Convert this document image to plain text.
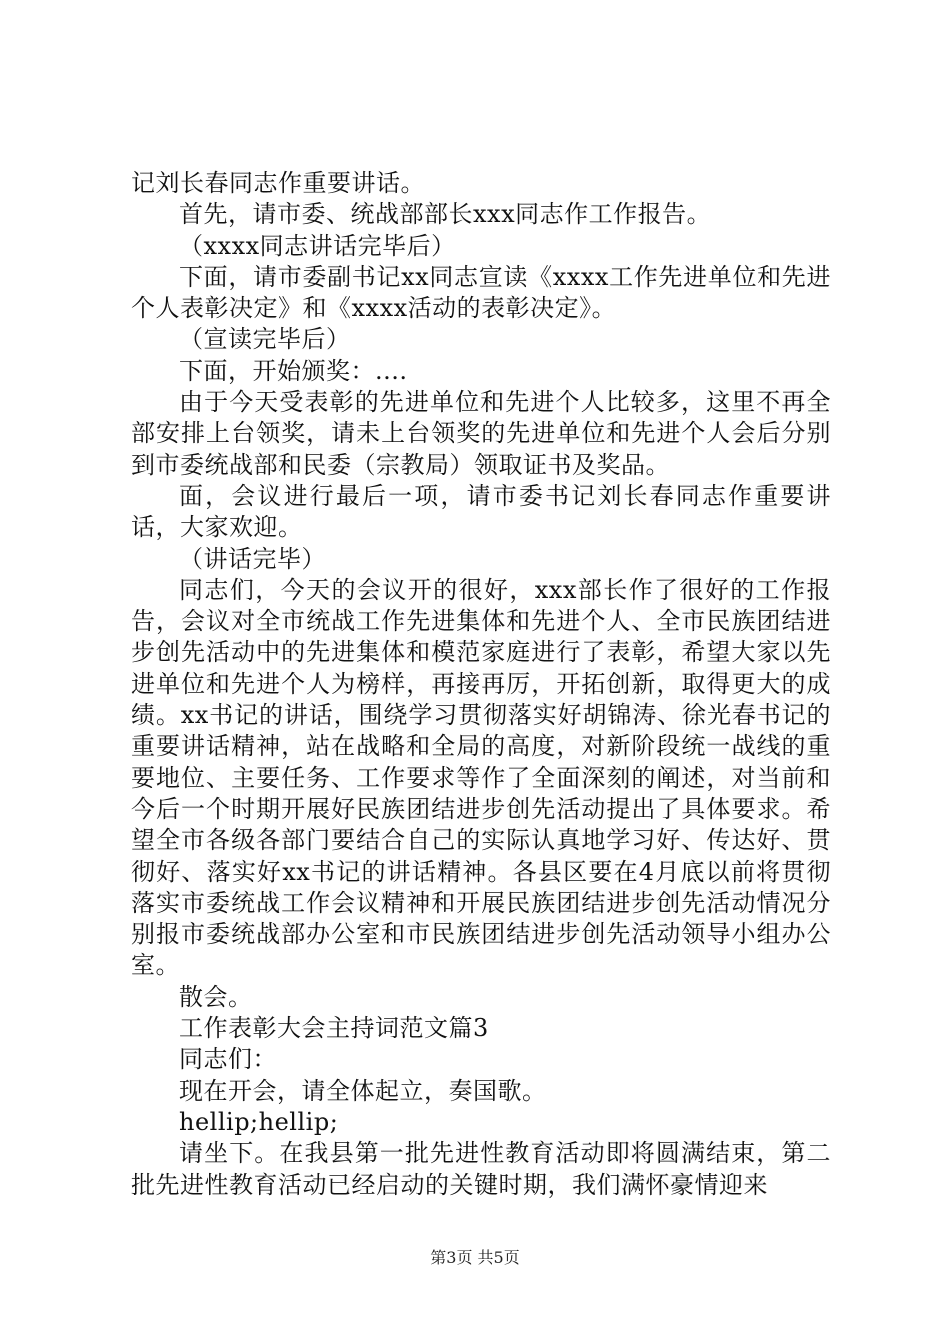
记刘长春同志作重要讲话。

首先，请市委、统战部部长xxx同志作工作报告。

（xxxx同志讲话完毕后）

下面，请市委副书记xx同志宣读《xxxx工作先进单位和先进个人表彰决定》和《xxxx活动的表彰决定》。

（宣读完毕后）

下面，开始颁奖：....

由于今天受表彰的先进单位和先进个人比较多，这里不再全部安排上台领奖，请未上台领奖的先进单位和先进个人会后分别到市委统战部和民委（宗教局）领取证书及奖品。

面，会议进行最后一项，请市委书记刘长春同志作重要讲话，大家欢迎。

（讲话完毕）

同志们，今天的会议开的很好，xxx部长作了很好的工作报告，会议对全市统战工作先进集体和先进个人、全市民族团结进步创先活动中的先进集体和模范家庭进行了表彰，希望大家以先进单位和先进个人为榜样，再接再厉，开拓创新，取得更大的成绩。xx书记的讲话，围绕学习贯彻落实好胡锦涛、徐光春书记的重要讲话精神，站在战略和全局的高度，对新阶段统一战线的重要地位、主要任务、工作要求等作了全面深刻的阐述，对当前和今后一个时期开展好民族团结进步创先活动提出了具体要求。希望全市各级各部门要结合自己的实际认真地学习好、传达好、贯彻好、落实好xx书记的讲话精神。各县区要在4月底以前将贯彻落实市委统战工作会议精神和开展民族团结进步创先活动情况分别报市委统战部办公室和市民族团结进步创先活动领导小组办公室。

散会。

工作表彰大会主持词范文篇3

同志们：

现在开会，请全体起立，奏国歌。

hellip;hellip;

请坐下。在我县第一批先进性教育活动即将圆满结束，第二批先进性教育活动已经启动的关键时期，我们满怀豪情迎来

第3页 共5页
